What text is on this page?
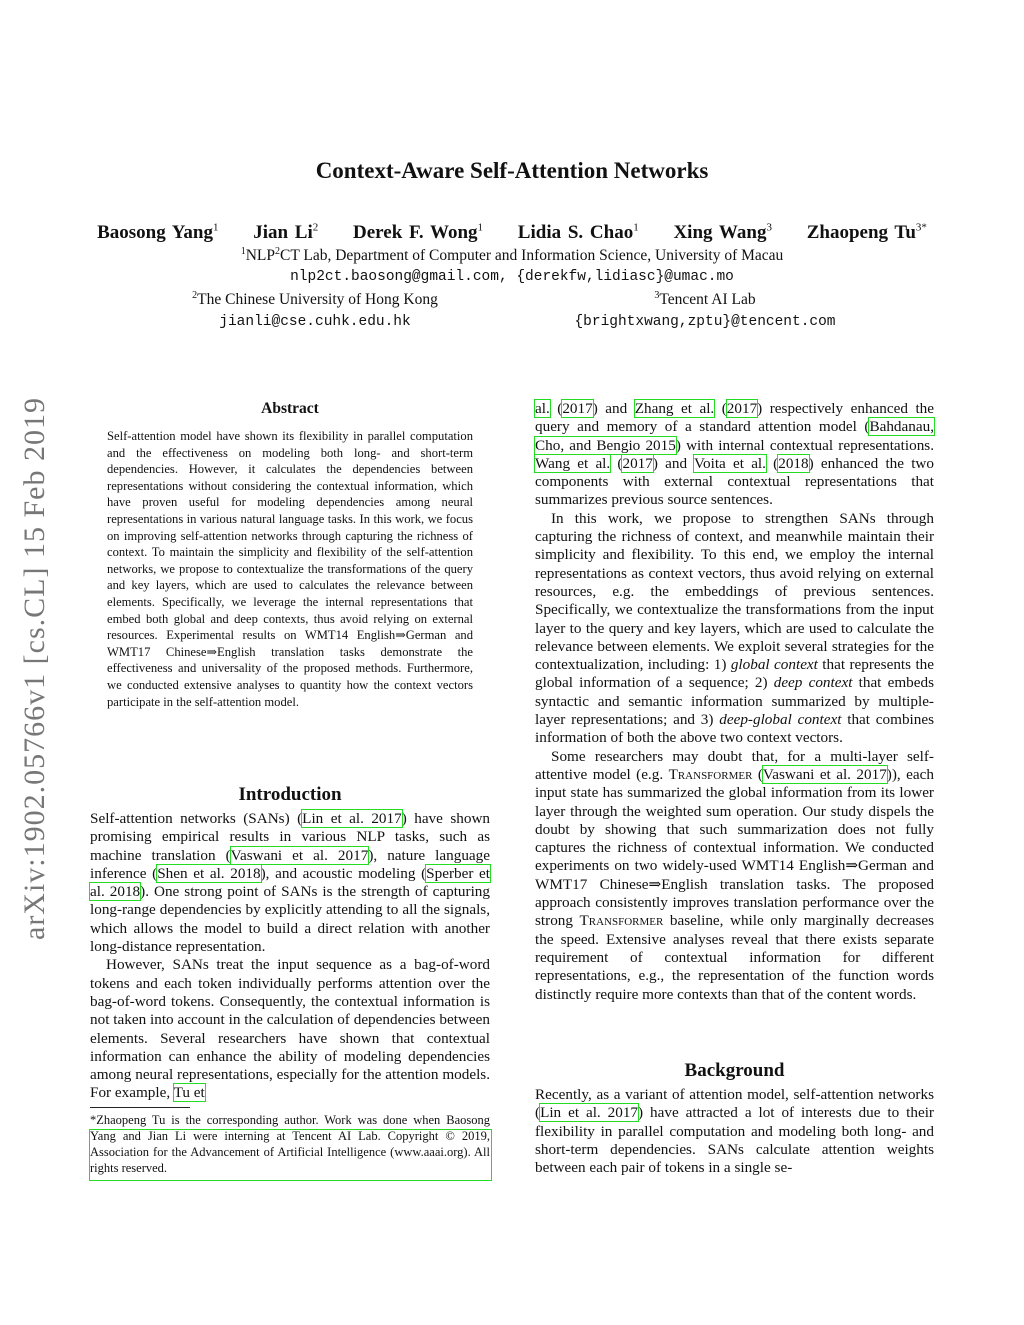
arXiv:1902.05766v1 [cs.CL] 15 Feb 2019
Context-Aware Self-Attention Networks
Baosong Yang$^1$ Jian Li$^2$ Derek F. Wong$^1$ Lidia S. Chao$^1$ Xing Wang$^3$ Zhaopeng $Tu^{3*}$
$^1$NLP$^2$CT Lab, Department of Computer and Information Science, University of Macau
nlp2ct.baosong@gmail.com, {derekfw,lidiasc}@umac.mo
$^2$The Chinese University of Hong Kong
jianli@cse.cuhk.edu.hk
$^3$Tencent AI Lab
{brightxwang,zptu}@tencent.com
Abstract
Self-attention model have shown its flexibility in parallel computation and the effectiveness on modeling both long- and short-term dependencies. However, it calculates the dependencies between representations without considering the contextual information, which have proven useful for modeling dependencies among neural representations in various natural language tasks. In this work, we focus on improving self-attention networks through capturing the richness of context. To maintain the simplicity and flexibility of the self-attention networks, we propose to contextualize the transformations of the query and key layers, which are used to calculates the relevance between elements. Specifically, we leverage the internal representations that embed both global and deep contexts, thus avoid relying on external resources. Experimental results on WMT14 English⇒German and WMT17 Chinese⇒English translation tasks demonstrate the effectiveness and universality of the proposed methods. Furthermore, we conducted extensive analyses to quantity how the context vectors participate in the self-attention model.
Introduction

Self-attention networks (SANs) (Lin et al. 2017) have shown promising empirical results in various NLP tasks, such as machine translation (Vaswani et al. 2017), nature language inference (Shen et al. 2018), and acoustic modeling (Sperber et al. 2018). One strong point of SANs is the strength of capturing long-range dependencies by explicitly attending to all the signals, which allows the model to build a direct relation with another long-distance representation.

However, SANs treat the input sequence as a bag-of-word tokens and each token individually performs attention over the bag-of-word tokens. Consequently, the contextual information is not taken into account in the calculation of dependencies between elements. Several researchers have shown that contextual information can enhance the ability of modeling dependencies among neural representations, especially for the attention models. For example, Tu et

*Zhaopeng Tu is the corresponding author. Work was done when Baosong Yang and Jian Li were interning at Tencent AI Lab. Copyright © 2019, Association for the Advancement of Artificial Intelligence (www.aaai.org). All rights reserved.

al. (2017) and Zhang et al. (2017) respectively enhanced the query and memory of a standard attention model (Bahdanau, Cho, and Bengio 2015) with internal contextual representations. Wang et al. (2017) and Voita et al. (2018) enhanced the two components with external contextual representations that summarizes previous source sentences.

In this work, we propose to strengthen SANs through capturing the richness of context, and meanwhile maintain their simplicity and flexibility. To this end, we employ the internal representations as context vectors, thus avoid relying on external resources, e.g. the embeddings of previous sentences. Specifically, we contextualize the transformations from the input layer to the query and key layers, which are used to calculate the relevance between elements. We exploit several strategies for the contextualization, including: 1) global context that represents the global information of a sequence; 2) deep context that embeds syntactic and semantic information summarized by multiple-layer representations; and 3) deep-global context that combines information of both the above two context vectors.

Some researchers may doubt that, for a multi-layer self-attentive model (e.g. Transformer (Vaswani et al. 2017)), each input state has summarized the global information from its lower layer through the weighted sum operation. Our study dispels the doubt by showing that such summarization does not fully captures the richness of contextual information. We conducted experiments on two widely-used WMT14 English⇒German and WMT17 Chinese⇒English translation tasks. The proposed approach consistently improves translation performance over the strong Transformer baseline, while only marginally decreases the speed. Extensive analyses reveal that there exists separate requirement of contextual information for different representations, e.g., the representation of the function words distinctly require more contexts than that of the content words.

Background

Recently, as a variant of attention model, self-attention networks (Lin et al. 2017) have attracted a lot of interests due to their flexibility in parallel computation and modeling both long- and short-term dependencies. SANs calculate attention weights between each pair of tokens in a single se-
